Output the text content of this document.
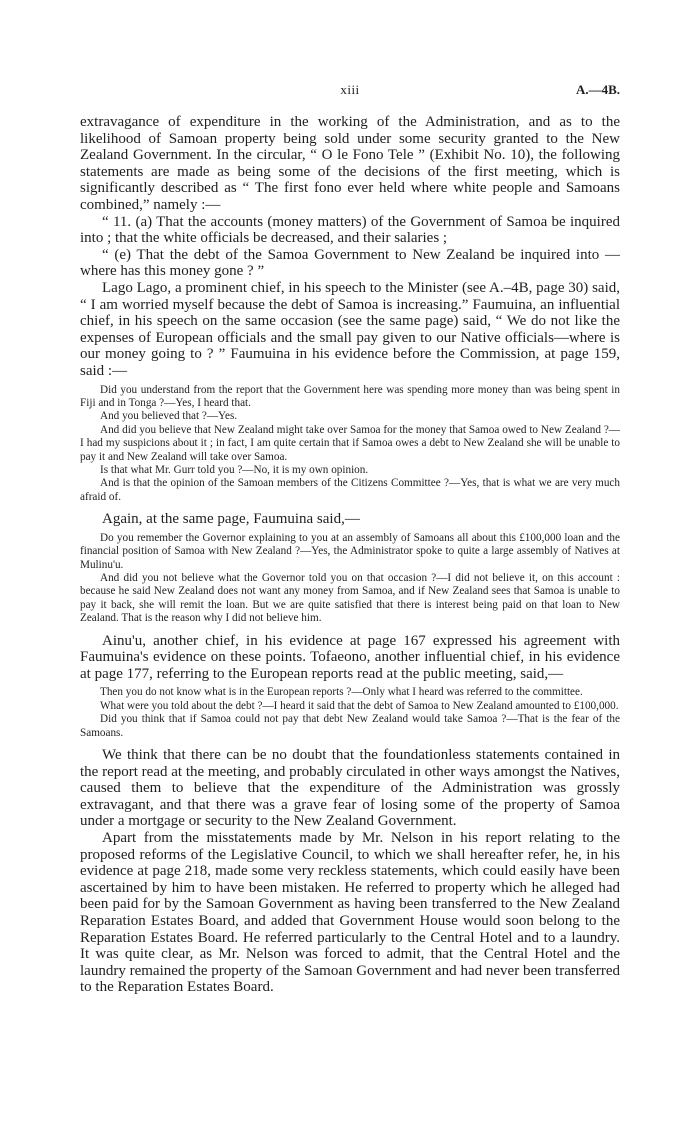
xiii	A.—4B.

extravagance of expenditure in the working of the Administration, and as to the likelihood of Samoan property being sold under some security granted to the New Zealand Government. In the circular, “ O le Fono Tele ” (Exhibit No. 10), the following statements are made as being some of the decisions of the first meeting, which is significantly described as “ The first fono ever held where white people and Samoans combined,” namely :—

“ 11. (a) That the accounts (money matters) of the Government of Samoa be inquired into ; that the white officials be decreased, and their salaries ;

“ (e) That the debt of the Samoa Government to New Zealand be inquired into —where has this money gone ? ”

Lago Lago, a prominent chief, in his speech to the Minister (see A.–4B, page 30) said, “ I am worried myself because the debt of Samoa is increasing.” Faumuina, an influential chief, in his speech on the same occasion (see the same page) said, “ We do not like the expenses of European officials and the small pay given to our Native officials—where is our money going to ? ” Faumuina in his evidence before the Commission, at page 159, said :—

Did you understand from the report that the Government here was spending more money than was being spent in Fiji and in Tonga ?—Yes, I heard that.

And you believed that ?—Yes.

And did you believe that New Zealand might take over Samoa for the money that Samoa owed to New Zealand ?—I had my suspicions about it ; in fact, I am quite certain that if Samoa owes a debt to New Zealand she will be unable to pay it and New Zealand will take over Samoa.

Is that what Mr. Gurr told you ?—No, it is my own opinion.

And is that the opinion of the Samoan members of the Citizens Committee ?—Yes, that is what we are very much afraid of.

Again, at the same page, Faumuina said,—

Do you remember the Governor explaining to you at an assembly of Samoans all about this £100,000 loan and the financial position of Samoa with New Zealand ?—Yes, the Administrator spoke to quite a large assembly of Natives at Mulinu'u.

And did you not believe what the Governor told you on that occasion ?—I did not believe it, on this account : because he said New Zealand does not want any money from Samoa, and if New Zealand sees that Samoa is unable to pay it back, she will remit the loan. But we are quite satisfied that there is interest being paid on that loan to New Zealand. That is the reason why I did not believe him.

Ainu'u, another chief, in his evidence at page 167 expressed his agreement with Faumuina's evidence on these points. Tofaeono, another influential chief, in his evidence at page 177, referring to the European reports read at the public meeting, said,—

Then you do not know what is in the European reports ?—Only what I heard was referred to the committee.

What were you told about the debt ?—I heard it said that the debt of Samoa to New Zealand amounted to £100,000.

Did you think that if Samoa could not pay that debt New Zealand would take Samoa ?—That is the fear of the Samoans.

We think that there can be no doubt that the foundationless statements contained in the report read at the meeting, and probably circulated in other ways amongst the Natives, caused them to believe that the expenditure of the Administration was grossly extravagant, and that there was a grave fear of losing some of the property of Samoa under a mortgage or security to the New Zealand Government.

Apart from the misstatements made by Mr. Nelson in his report relating to the proposed reforms of the Legislative Council, to which we shall hereafter refer, he, in his evidence at page 218, made some very reckless statements, which could easily have been ascertained by him to have been mistaken. He referred to property which he alleged had been paid for by the Samoan Government as having been transferred to the New Zealand Reparation Estates Board, and added that Government House would soon belong to the Reparation Estates Board. He referred particularly to the Central Hotel and to a laundry. It was quite clear, as Mr. Nelson was forced to admit, that the Central Hotel and the laundry remained the property of the Samoan Government and had never been transferred to the Reparation Estates Board.
